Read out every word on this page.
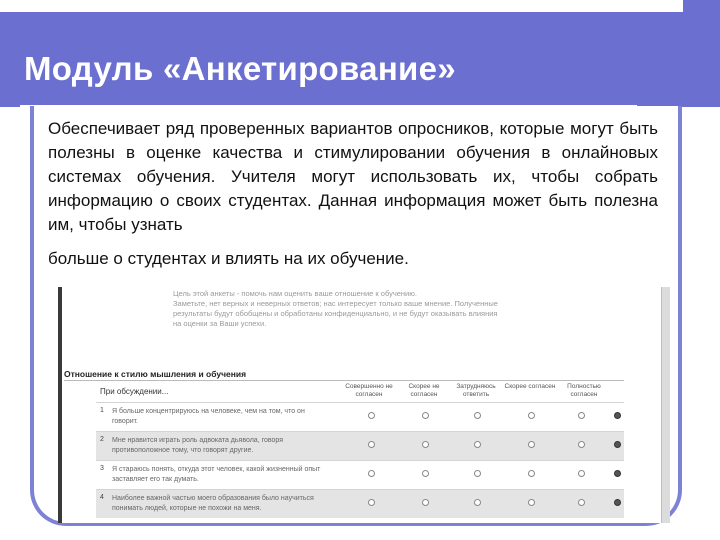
Модуль «Анкетирование»
Обеспечивает ряд проверенных вариантов опросников, которые могут быть полезны в оценке качества и стимулировании обучения в онлайновых системах обучения. Учителя могут использовать их, чтобы собрать информацию о своих студентах. Данная информация может быть полезна им, чтобы узнать
больше о студентах и влиять на их обучение.
Цель этой анкеты - помочь нам оценить ваше отношение к обучению.
Заметьте, нет верных и неверных ответов; нас интересует только ваше мнение. Полученные
результаты будут обобщены и обработаны конфиденциально, и не будут оказывать влияния
на оценки за Ваши успехи.
Отношение к стилю мышления и обучения
При обсуждении...
Совершенно не согласен
Скорее не согласен
Затрудняюсь ответить
Скорее согласен	Полностью согласен
1 Я больше концентрируюсь на человеке, чем на том, что он говорит.
2 Мне нравится играть роль адвоката дьявола, говоря противоположное тому, что говорят другие.
3 Я стараюсь понять, откуда этот человек, какой жизненный опыт заставляет его так думать.
4 Наиболее важной частью моего образования было научиться понимать людей, которые не похожи на меня.
